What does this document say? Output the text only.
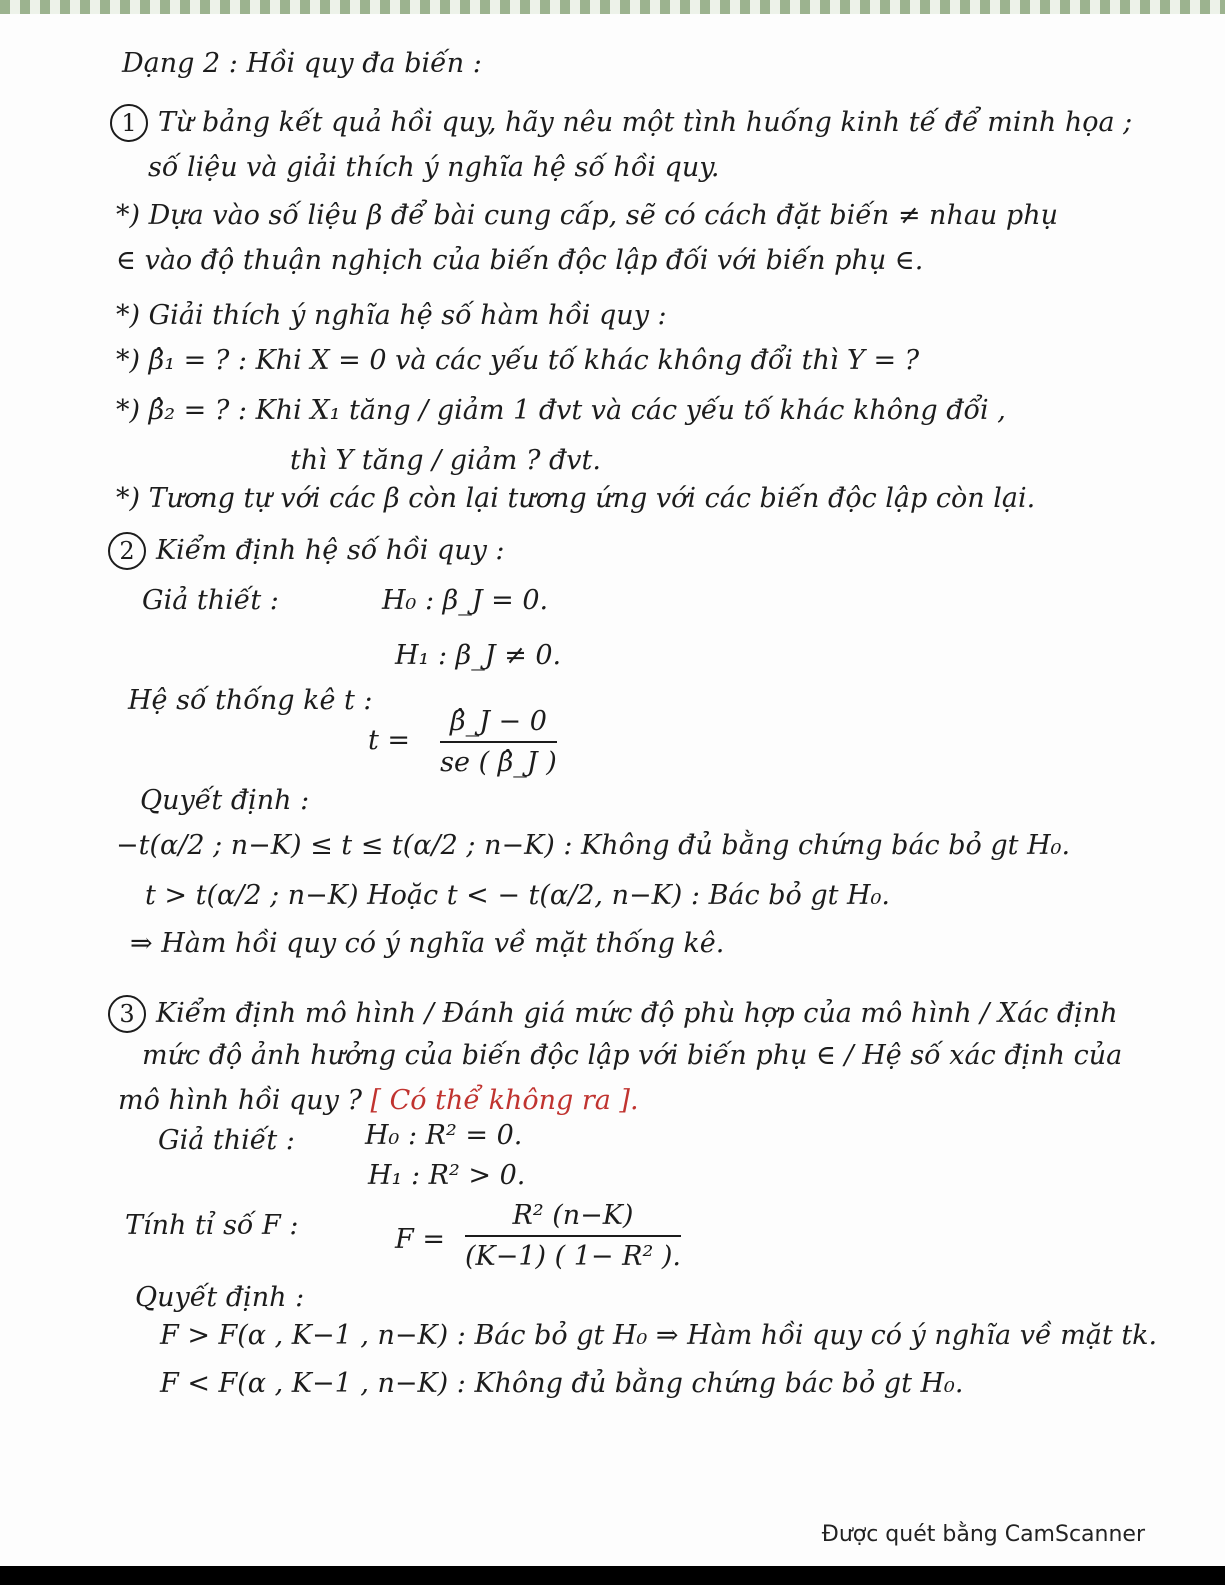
Dạng 2 : Hồi quy đa biến :
1 Từ bảng kết quả hồi quy, hãy nêu một tình huống kinh tế để minh họa ;
số liệu và giải thích ý nghĩa hệ số hồi quy.
*) Dựa vào số liệu β để bài cung cấp, sẽ có cách đặt biến ≠ nhau phụ
∈ vào độ thuận nghịch của biến độc lập đối với biến phụ ∈.
*) Giải thích ý nghĩa hệ số hàm hồi quy :
*) β̂₁ = ? : Khi X = 0 và các yếu tố khác không đổi thì Y = ?
*) β̂₂ = ? : Khi X₁ tăng / giảm 1 đvt và các yếu tố khác không đổi ,
thì Y tăng / giảm ? đvt.
*) Tương tự với các β còn lại tương ứng với các biến độc lập còn lại.
2 Kiểm định hệ số hồi quy :
Giả thiết :	H₀ : β_J = 0.
H₁ : β_J ≠ 0.
Hệ số thống kê t :
$t = \frac{\betâ\_J - 0}{se ( \betâ\_J )}$
Quyết định :
−t(α/2 ; n−K) ≤ t ≤ t(α/2 ; n−K) : Không đủ bằng chứng bác bỏ gt H₀.
t > t(α/2 ; n−K) Hoặc t < − t(α/2, n−K) : Bác bỏ gt H₀.
⇒ Hàm hồi quy có ý nghĩa về mặt thống kê.
3 Kiểm định mô hình / Đánh giá mức độ phù hợp của mô hình / Xác định
mức độ ảnh hưởng của biến độc lập với biến phụ ∈ / Hệ số xác định của
mô hình hồi quy ? [ Có thể không ra ].
Giả thiết :	H₀ : R² = 0.
H₁ : R² > 0.
Tính tỉ số F :	$F = \frac{\text{R² (n−K)}}{\text{(K−1) ( 1− R² ).}}$
Quyết định :
F > F(α , K−1 , n−K) : Bác bỏ gt H₀ ⇒ Hàm hồi quy có ý nghĩa về mặt tk.
F < F(α , K−1 , n−K) : Không đủ bằng chứng bác bỏ gt H₀.
Được quét bằng CamScanner
